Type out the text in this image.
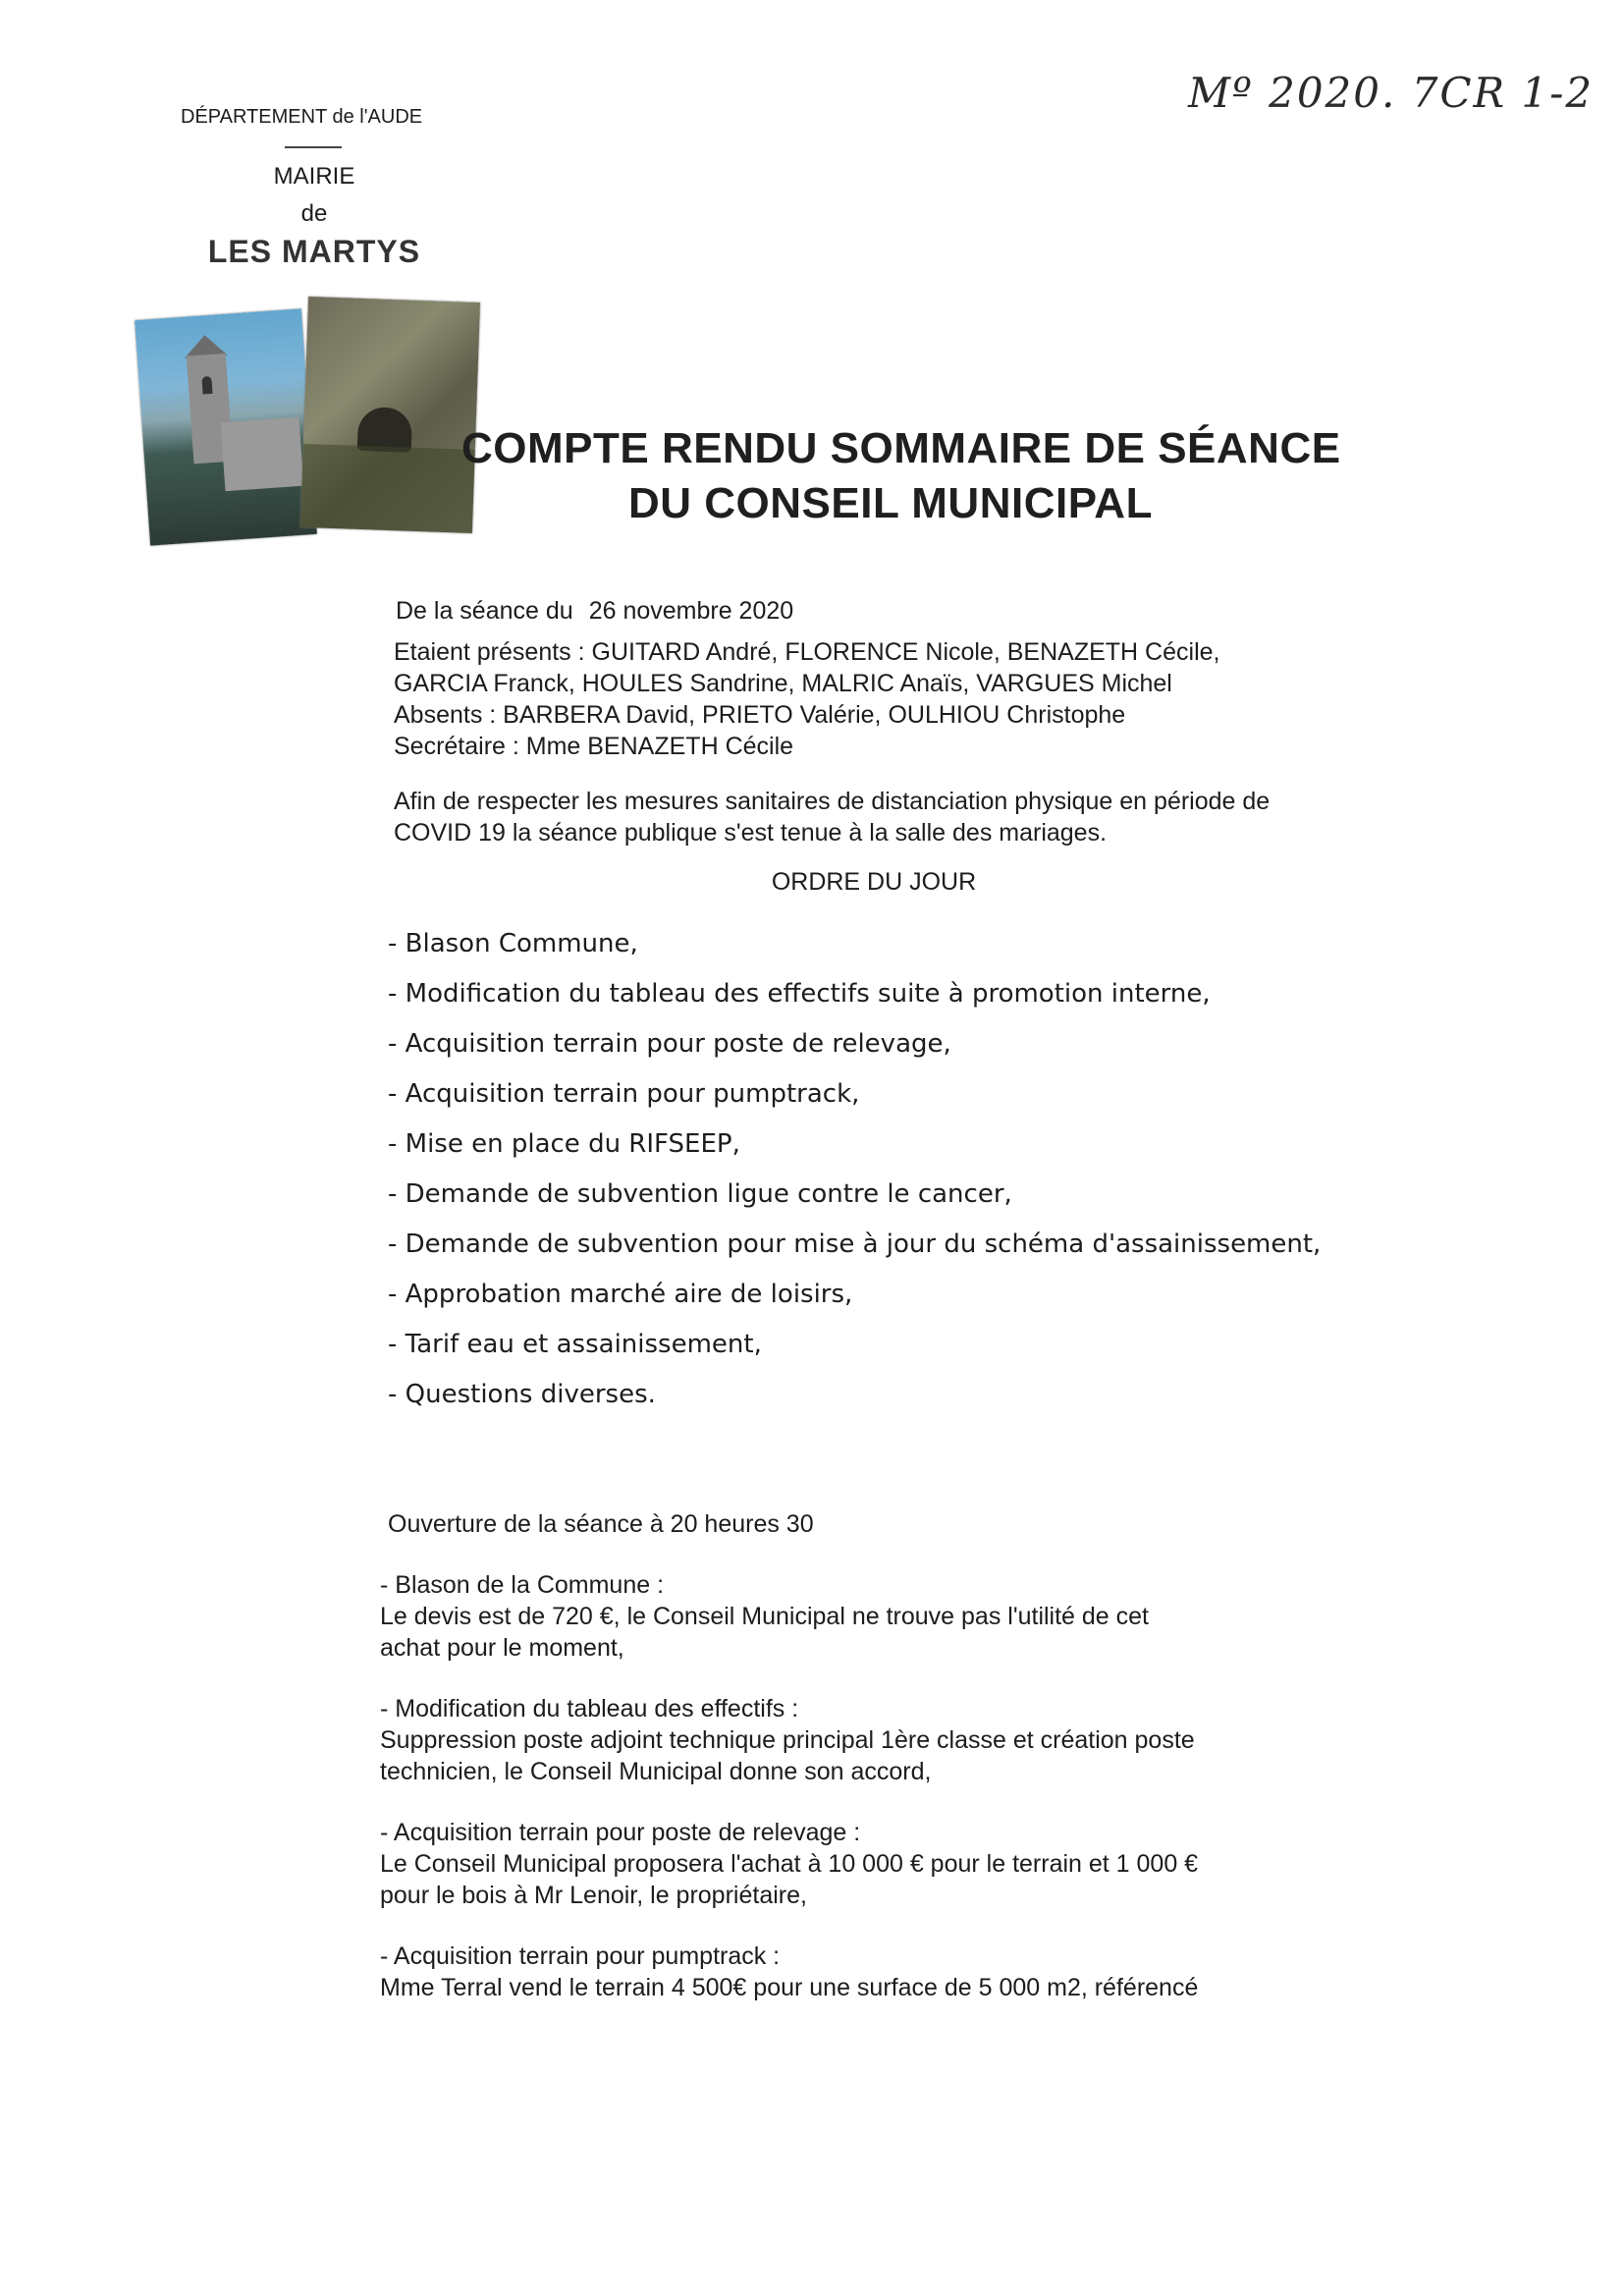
DÉPARTEMENT de l'AUDE
MAIRIE
de
LES MARTYS
Mº 2020. 7CR 1-2
COMPTE RENDU SOMMAIRE DE SÉANCE
DU CONSEIL MUNICIPAL

De la séance du 26 novembre 2020

Etaient présents : GUITARD André, FLORENCE Nicole, BENAZETH Cécile,
GARCIA Franck, HOULES Sandrine, MALRIC Anaïs, VARGUES Michel
Absents : BARBERA David, PRIETO Valérie, OULHIOU Christophe
Secrétaire : Mme BENAZETH Cécile
Afin de respecter les mesures sanitaires de distanciation physique en période de
COVID 19 la séance publique s'est tenue à la salle des mariages.

ORDRE DU JOUR

- Blason Commune,
- Modification du tableau des effectifs suite à promotion interne,
- Acquisition terrain pour poste de relevage,
- Acquisition terrain pour pumptrack,
- Mise en place du RIFSEEP,
- Demande de subvention ligue contre le cancer,
- Demande de subvention pour mise à jour du schéma d'assainissement,
- Approbation marché aire de loisirs,
- Tarif eau et assainissement,
- Questions diverses.

Ouverture de la séance à 20 heures 30

- Blason de la Commune :

Le devis est de 720 €, le Conseil Municipal ne trouve pas l'utilité de cet

achat pour le moment,

- Modification du tableau des effectifs :

Suppression poste adjoint technique principal 1ère classe et création poste

technicien, le Conseil Municipal donne son accord,

- Acquisition terrain pour poste de relevage :

Le Conseil Municipal proposera l'achat à 10 000 € pour le terrain et 1 000 €

pour le bois à Mr Lenoir, le propriétaire,

- Acquisition terrain pour pumptrack :

Mme Terral vend le terrain 4 500€ pour une surface de 5 000 m2, référencé
